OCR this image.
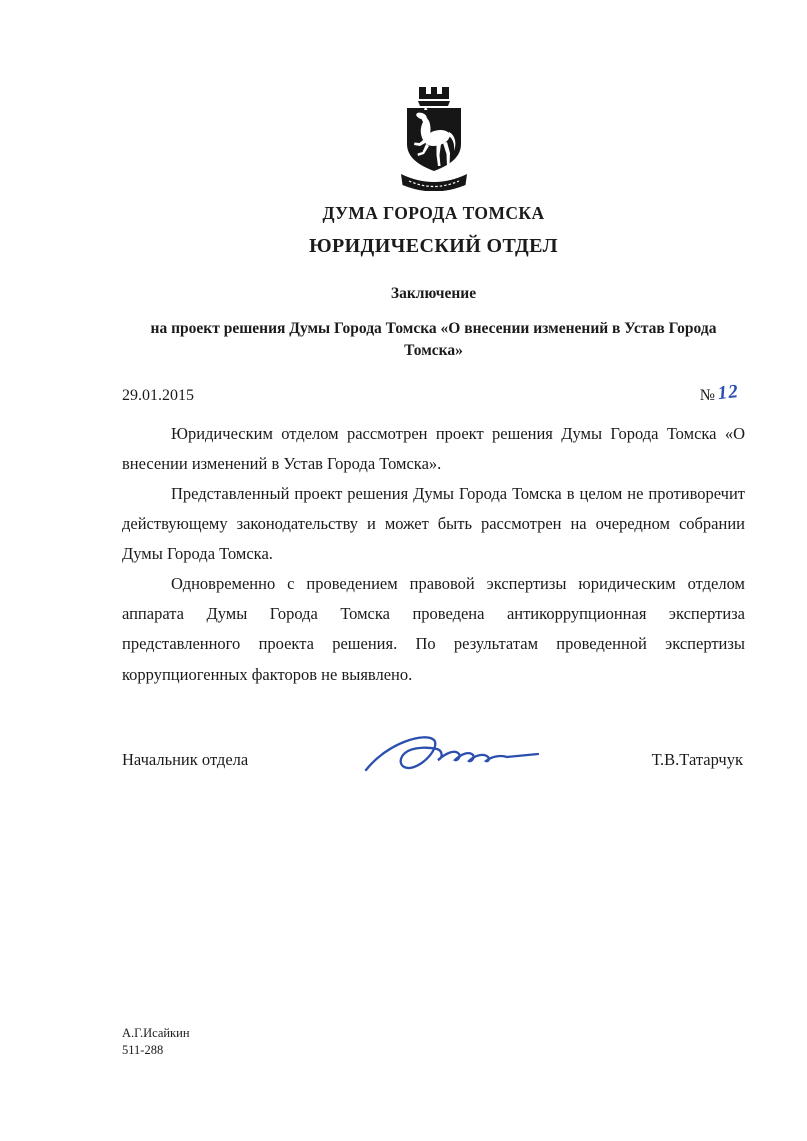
ДУМА ГОРОДА ТОМСКА
ЮРИДИЧЕСКИЙ ОТДЕЛ
Заключение
на проект решения Думы Города Томска «О внесении изменений в Устав Города Томска»
29.01.2015	№12

Юридическим отделом рассмотрен проект решения Думы Города Томска «О внесении изменений в Устав Города Томска».

Представленный проект решения Думы Города Томска в целом не противоречит действующему законодательству и может быть рассмотрен на очередном собрании Думы Города Томска.

Одновременно с проведением правовой экспертизы юридическим отделом аппарата Думы Города Томска проведена антикоррупционная экспертиза представленного проекта решения. По результатам проведенной экспертизы коррупциогенных факторов не выявлено.

Начальник отдела	Т.В.Татарчук
А.Г.Исайкин
511-288
